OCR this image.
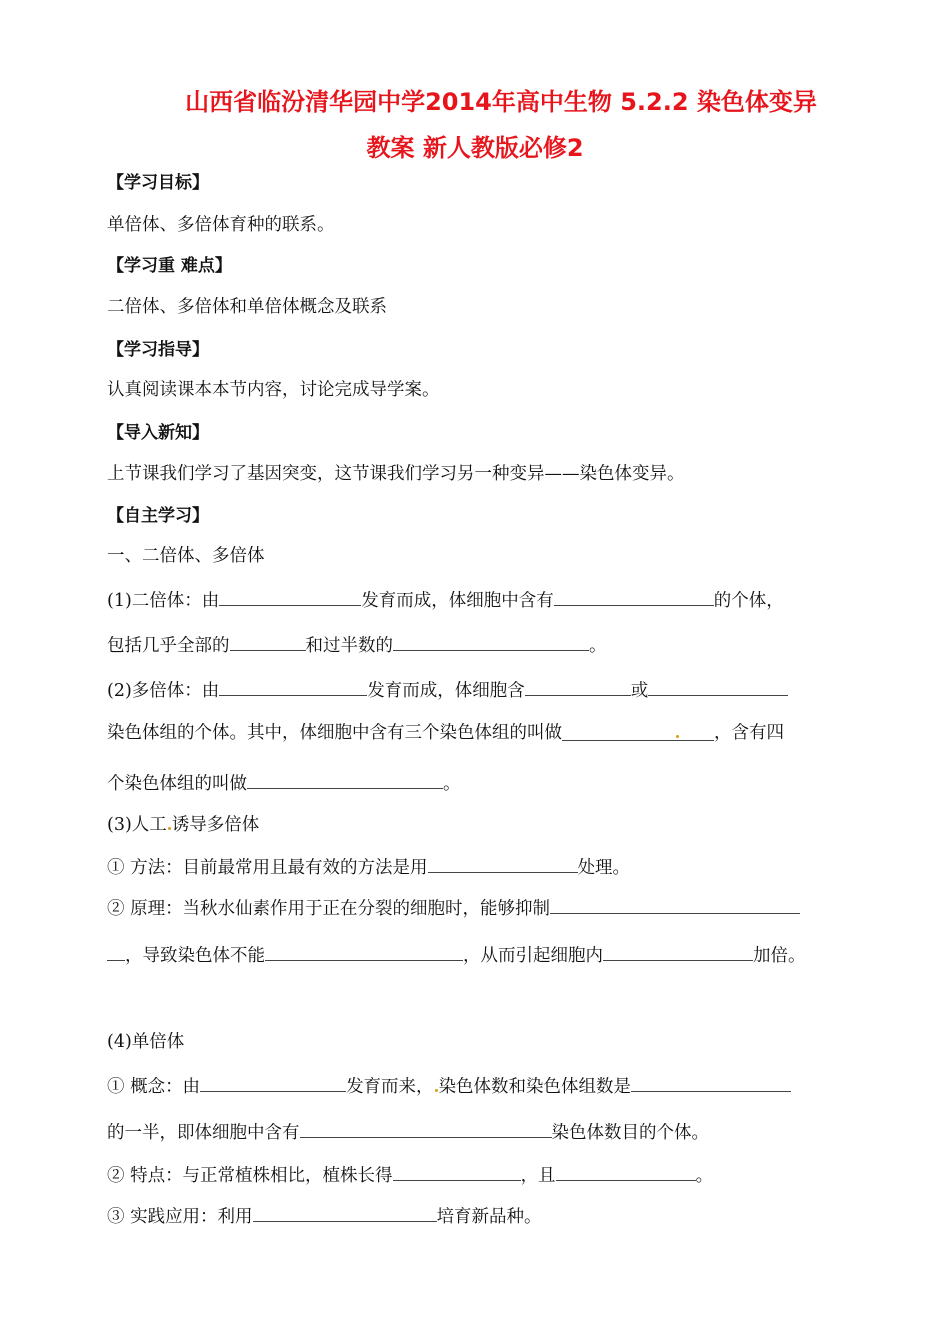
山西省临汾清华园中学2014年高中生物 5.2.2 染色体变异
教案 新人教版必修2
【学习目标】
单倍体、多倍体育种的联系。
【学习重 难点】
二倍体、多倍体和单倍体概念及联系
【学习指导】
认真阅读课本本节内容，讨论完成导学案。
【导入新知】
上节课我们学习了基因突变，这节课我们学习另一种变异——染色体变异。
【自主学习】
一、二倍体、多倍体
(1)二倍体：由	发育而成，体细胞中含有	的个体，
包括几乎全部的	和过半数的	。
(2)多倍体：由	发育而成，体细胞含	或
染色体组的个体。其中，体细胞中含有三个染色体组的叫做	，含有四
个染色体组的叫做	。
(3)人工 诱导多倍体
① 方法：目前最常用且最有效的方法是用	处理。
② 原理：当秋水仙素作用于正在分裂的细胞时，能够抑制
，导致染色体不能	，从而引起细胞内	加倍。
(4)单倍体
① 概念：由	发育而来， 染色体数和染色体组数是
的一半，即体细胞中含有	染色体数目的个体。
② 特点：与正常植株相比，植株长得	，且	。
③ 实践应用：利用	培育新品种。
